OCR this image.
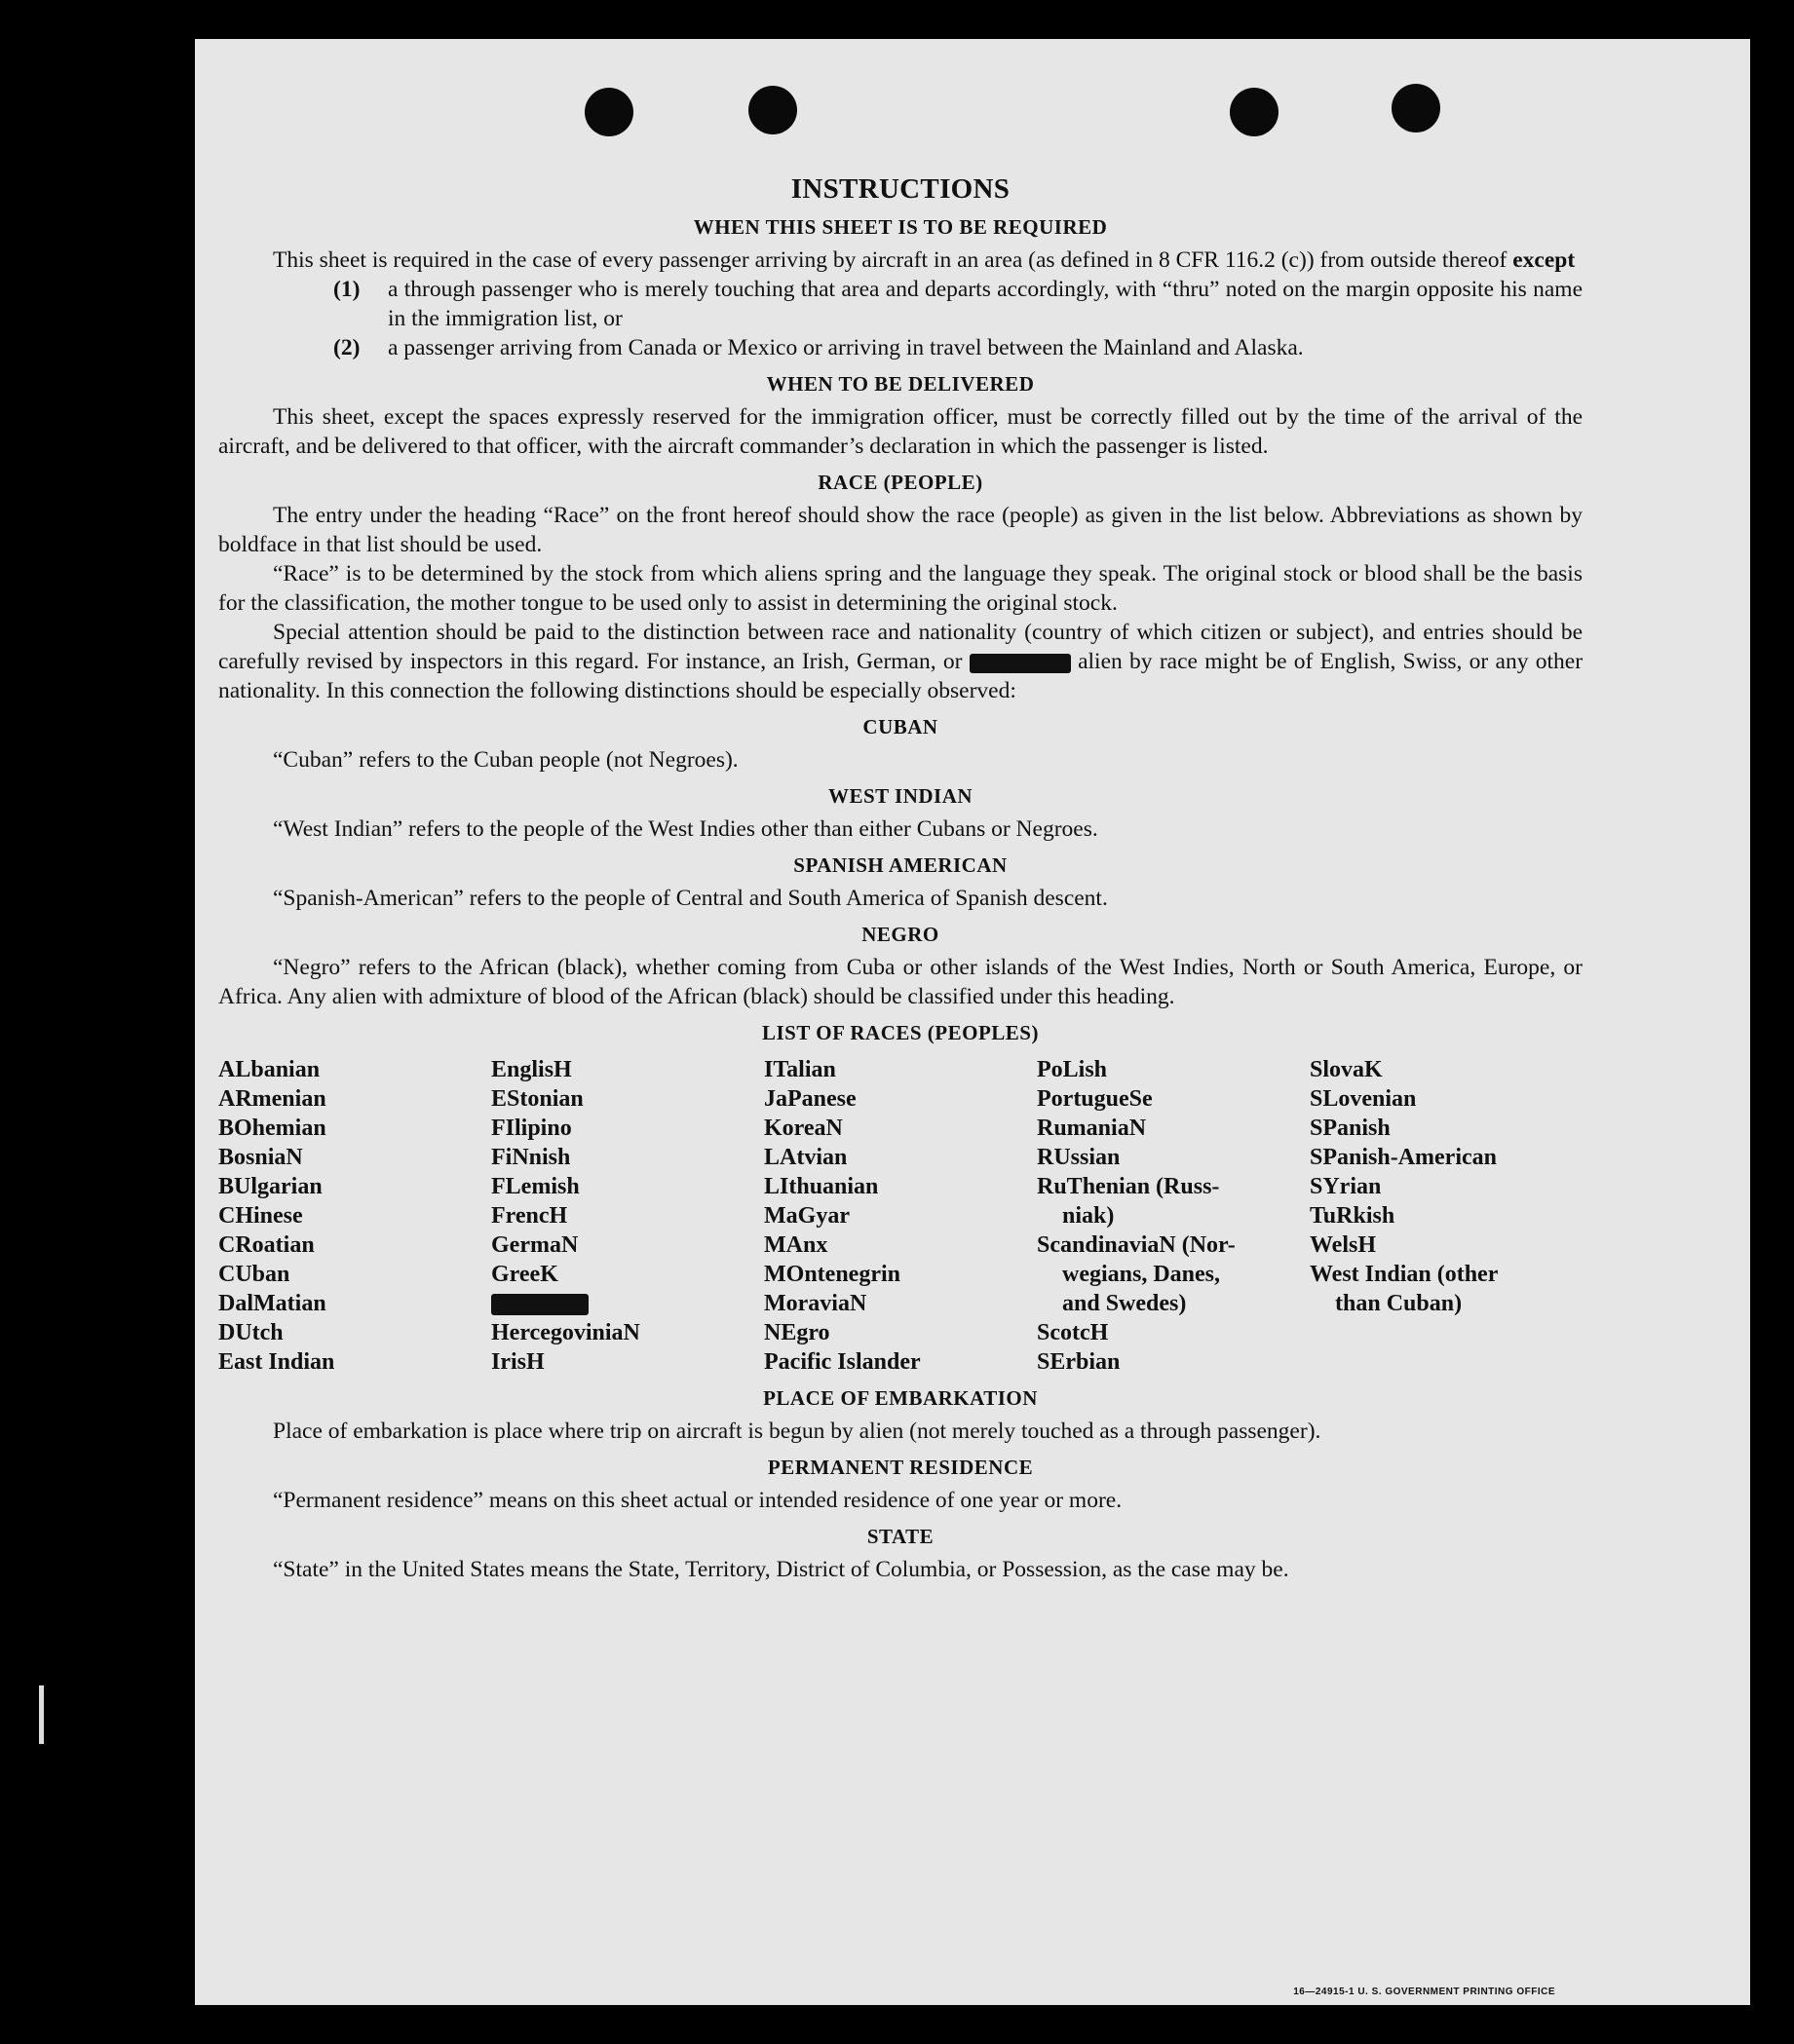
16—24915-1 U. S. GOVERNMENT PRINTING OFFICE
INSTRUCTIONS
WHEN THIS SHEET IS TO BE REQUIRED

This sheet is required in the case of every passenger arriving by aircraft in an area (as defined in 8 CFR 116.2 (c)) from outside thereof except

(1)	a through passenger who is merely touching that area and departs accordingly, with “thru” noted on the margin opposite his name in the immigration list, or
(2)	a passenger arriving from Canada or Mexico or arriving in travel between the Mainland and Alaska.
WHEN TO BE DELIVERED

This sheet, except the spaces expressly reserved for the immigration officer, must be correctly filled out by the time of the arrival of the aircraft, and be delivered to that officer, with the aircraft commander’s declaration in which the passenger is listed.

RACE (PEOPLE)

The entry under the heading “Race” on the front hereof should show the race (people) as given in the list below. Abbreviations as shown by boldface in that list should be used.

“Race” is to be determined by the stock from which aliens spring and the language they speak. The original stock or blood shall be the basis for the classification, the mother tongue to be used only to assist in determining the original stock.

Special attention should be paid to the distinction between race and nationality (country of which citizen or subject), and entries should be carefully revised by inspectors in this regard. For instance, an Irish, German, or	alien by race might be of English, Swiss, or any other nationality. In this connection the following distinctions should be especially observed:

CUBAN

“Cuban” refers to the Cuban people (not Negroes).

WEST INDIAN

“West Indian” refers to the people of the West Indies other than either Cubans or Negroes.

SPANISH AMERICAN

“Spanish-American” refers to the people of Central and South America of Spanish descent.

NEGRO

“Negro” refers to the African (black), whether coming from Cuba or other islands of the West Indies, North or South America, Europe, or Africa. Any alien with admixture of blood of the African (black) should be classified under this heading.

LIST OF RACES (PEOPLES)
ALbanian
ARmenian
BOhemian
BosniaN
BUlgarian
CHinese
CRoatian
CUban
DalMatian
DUtch
East Indian
EnglisH
EStonian
FIlipino
FiNnish
FLemish
FrencH
GermaN
GreeK
HercegoviniaN
IrisH
ITalian
JaPanese
KoreaN
LAtvian
LIthuanian
MaGyar
MAnx
MOntenegrin
MoraviaN
NEgro
Pacific Islander
PoLish
PortugueSe
RumaniaN
RUssian
RuThenian (Russ-
niak)
ScandinaviaN (Nor-
wegians, Danes,
and Swedes)
ScotcH
SErbian
SlovaK
SLovenian
SPanish
SPanish-American
SYrian
TuRkish
WelsH
West Indian (other
than Cuban)
PLACE OF EMBARKATION

Place of embarkation is place where trip on aircraft is begun by alien (not merely touched as a through passenger).

PERMANENT RESIDENCE

“Permanent residence” means on this sheet actual or intended residence of one year or more.

STATE

“State” in the United States means the State, Territory, District of Columbia, or Possession, as the case may be.
